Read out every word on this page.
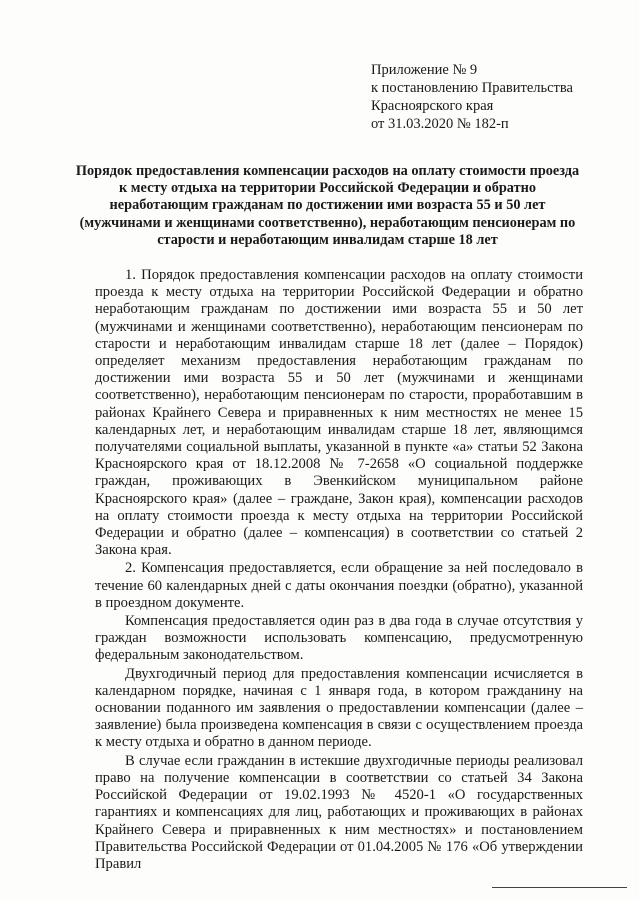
Приложение № 9
к постановлению Правительства
Красноярского края
от 31.03.2020 № 182-п
Порядок предоставления компенсации расходов на оплату стоимости проезда к месту отдыха на территории Российской Федерации и обратно неработающим гражданам по достижении ими возраста 55 и 50 лет (мужчинами и женщинами соответственно), неработающим пенсионерам по старости и неработающим инвалидам старше 18 лет

1. Порядок предоставления компенсации расходов на оплату стоимости проезда к месту отдыха на территории Российской Федерации и обратно неработающим гражданам по достижении ими возраста 55 и 50 лет (мужчинами и женщинами соответственно), неработающим пенсионерам по старости и неработающим инвалидам старше 18 лет (далее – Порядок) определяет механизм предоставления неработающим гражданам по достижении ими возраста 55 и 50 лет (мужчинами и женщинами соответственно), неработающим пенсионерам по старости, проработавшим в районах Крайнего Севера и приравненных к ним местностях не менее 15 календарных лет, и неработающим инвалидам старше 18 лет, являющимся получателями социальной выплаты, указанной в пункте «а» статьи 52 Закона Красноярского края от 18.12.2008 № 7-2658 «О социальной поддержке граждан, проживающих в Эвенкийском муниципальном районе Красноярского края» (далее – граждане, Закон края), компенсации расходов на оплату стоимости проезда к месту отдыха на территории Российской Федерации и обратно (далее – компенсация) в соответствии со статьей 2 Закона края.

2. Компенсация предоставляется, если обращение за ней последовало в течение 60 календарных дней с даты окончания поездки (обратно), указанной в проездном документе.

Компенсация предоставляется один раз в два года в случае отсутствия у граждан возможности использовать компенсацию, предусмотренную федеральным законодательством.

Двухгодичный период для предоставления компенсации исчисляется в календарном порядке, начиная с 1 января года, в котором гражданину на основании поданного им заявления о предоставлении компенсации (далее – заявление) была произведена компенсация в связи с осуществлением проезда к месту отдыха и обратно в данном периоде.

В случае если гражданин в истекшие двухгодичные периоды реализовал право на получение компенсации в соответствии со статьей 34 Закона Российской Федерации от 19.02.1993 № 4520-1 «О государственных гарантиях и компенсациях для лиц, работающих и проживающих в районах Крайнего Севера и приравненных к ним местностях» и постановлением Правительства Российской Федерации от 01.04.2005 № 176 «Об утверждении Правил
